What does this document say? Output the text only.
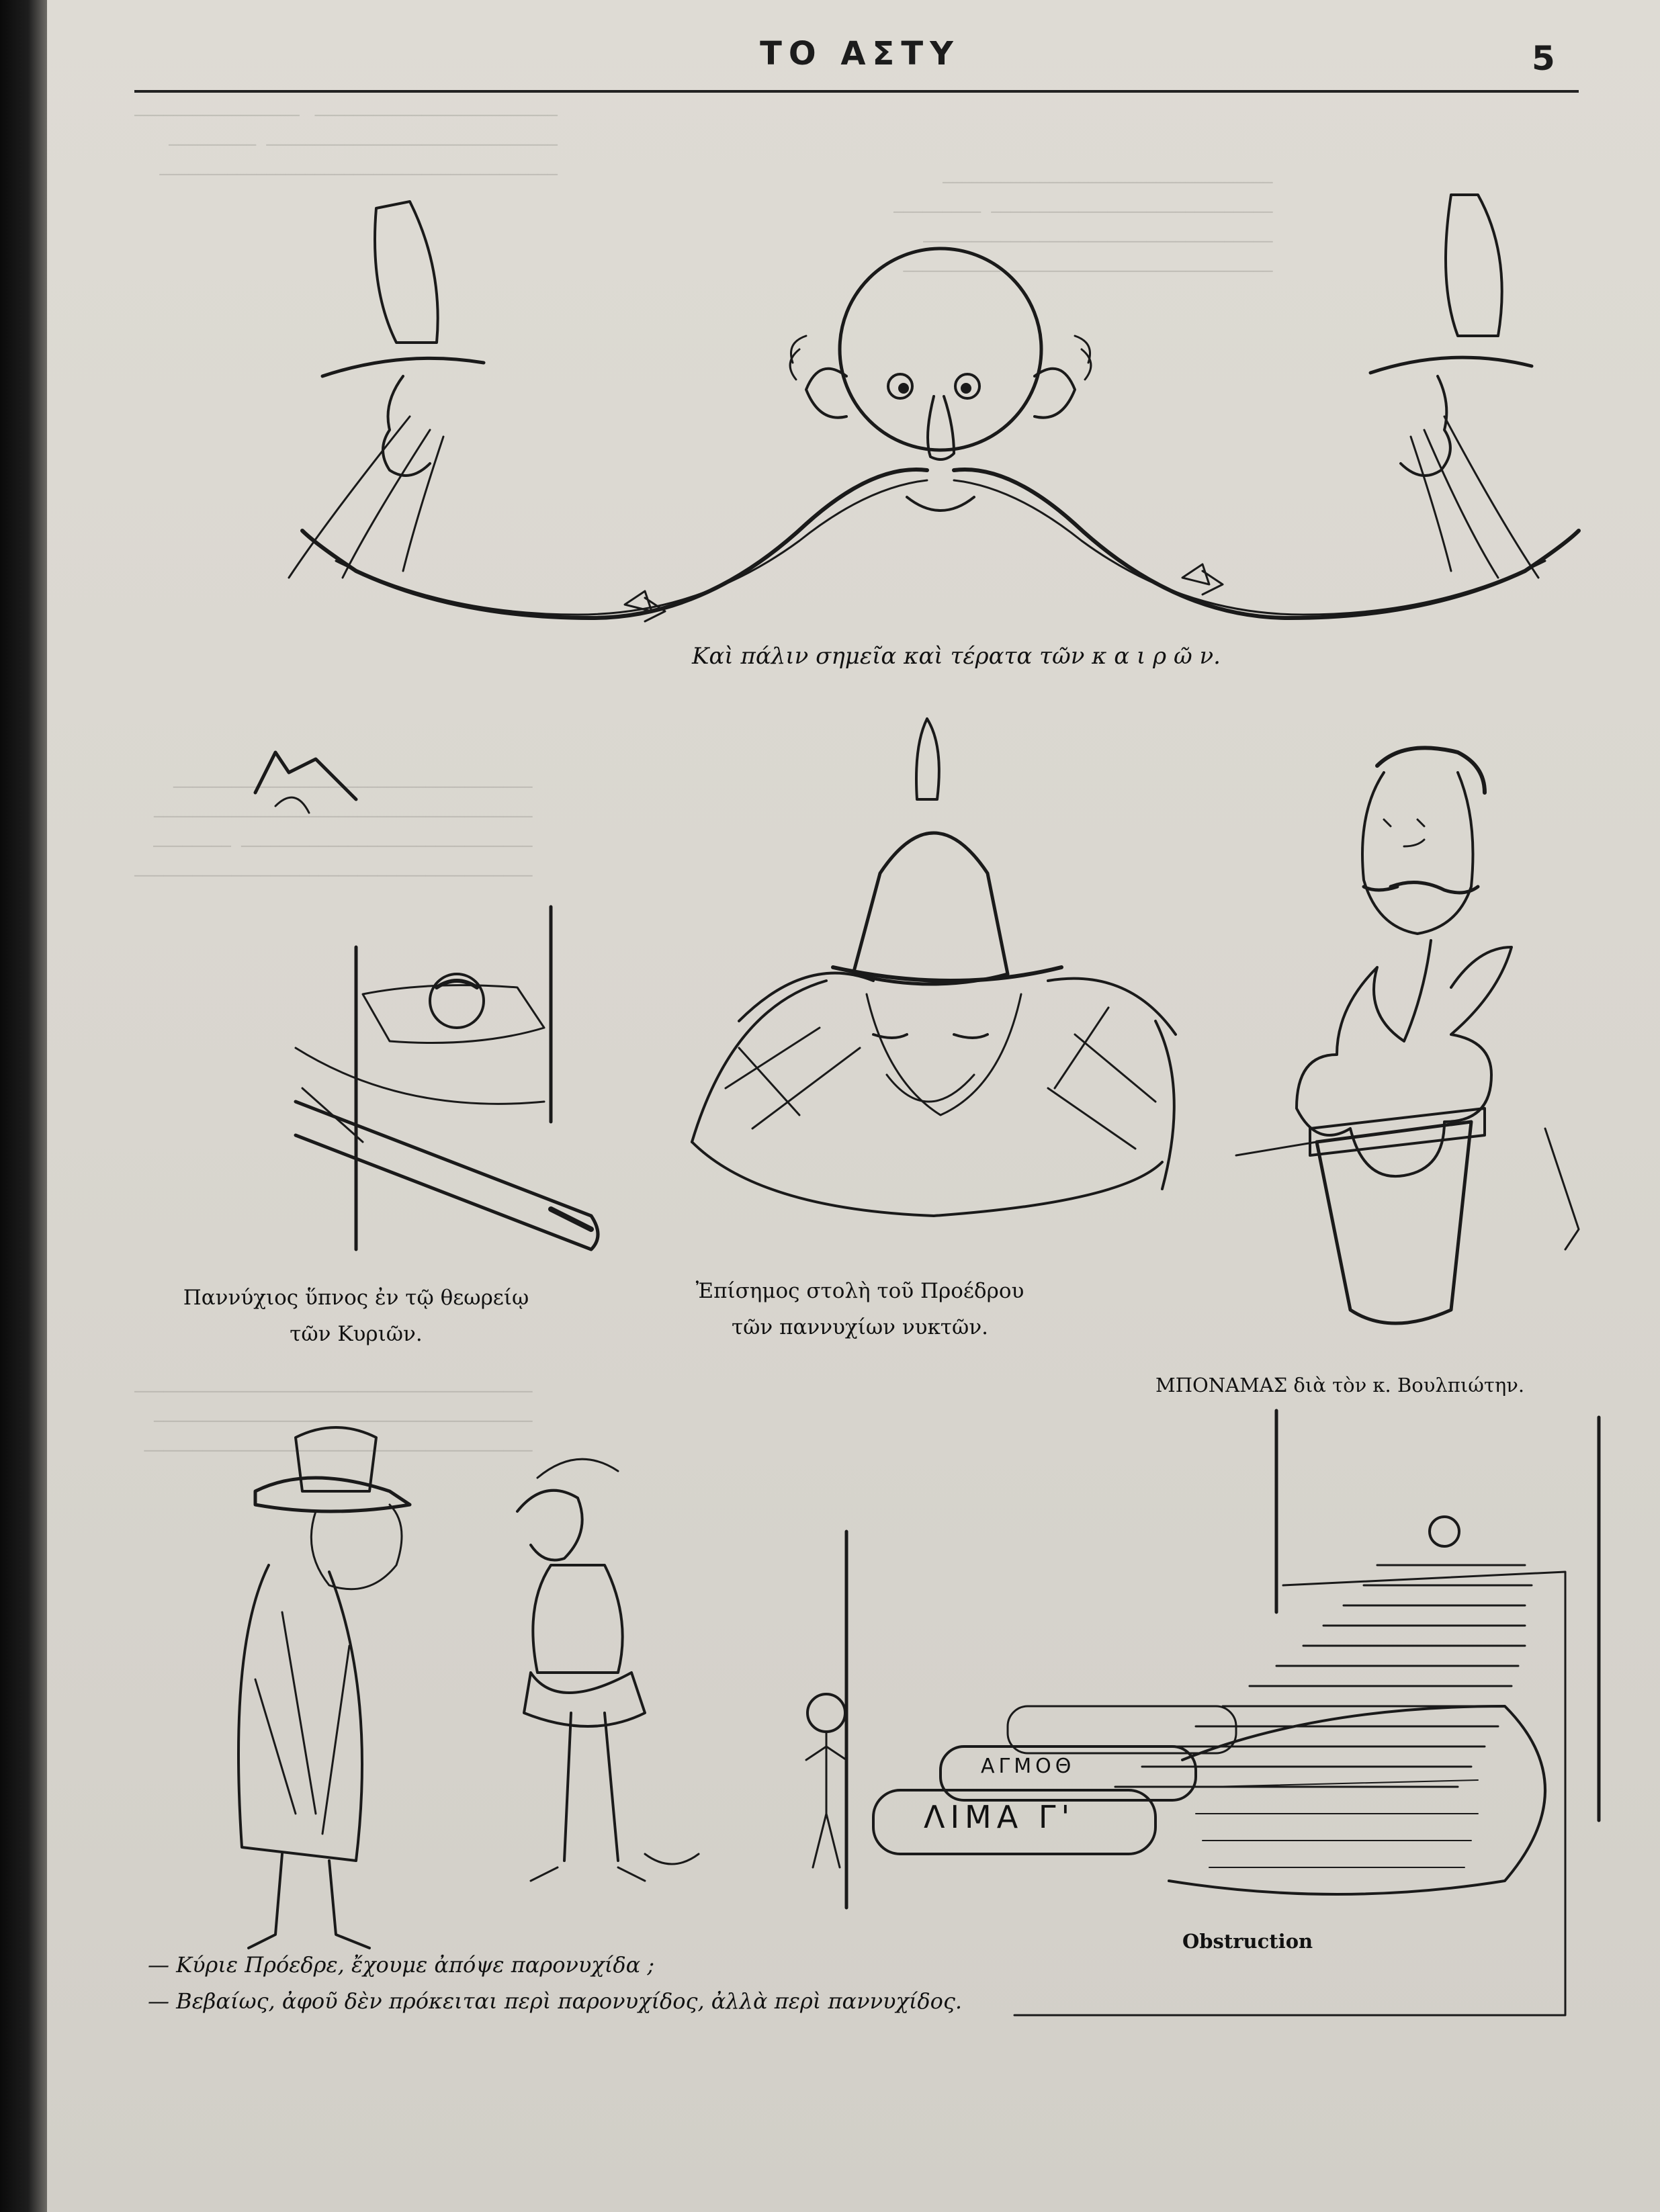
─────────────────────────   ─────────────────
──────────────────────────────  ─────────
─────────────────────────────────────────	──────────────────────────────────
─────────────────────────────  ─────────
────────────────────────────────────
───────────────────────────  ──────────
─────────────────────────────────────
───────────────────────────────────────
──────────────────────────────  ────────
─────────────────────────────────────────
─────────────────────────────────────────
───────────────────────────────────────
────────────────────────────────────────
ΤΟ ΑΣΤΥ	5
Καὶ πάλιν σημεῖα καὶ τέρατα τῶν κ α ι ρ ῶ ν.
Παννύχιος ὕπνος ἐν τῷ θεωρείῳ
τῶν Κυριῶν.
Ἐπίσημος στολὴ τοῦ Προέδρου
τῶν παννυχίων νυκτῶν.
ΜΠΟΝΑΜΑΣ διὰ τὸν κ. Βουλπιώτην.
— Κύριε Πρόεδρε, ἔχουμε ἀπόψε παρονυχίδα ;
— Βεβαίως, ἀφοῦ δὲν πρόκειται περὶ παρονυχίδος, ἀλλὰ περὶ παννυχίδος.
ΛΙΜΑ Γ'
ΑΓΜΟΘ
Obstruction
